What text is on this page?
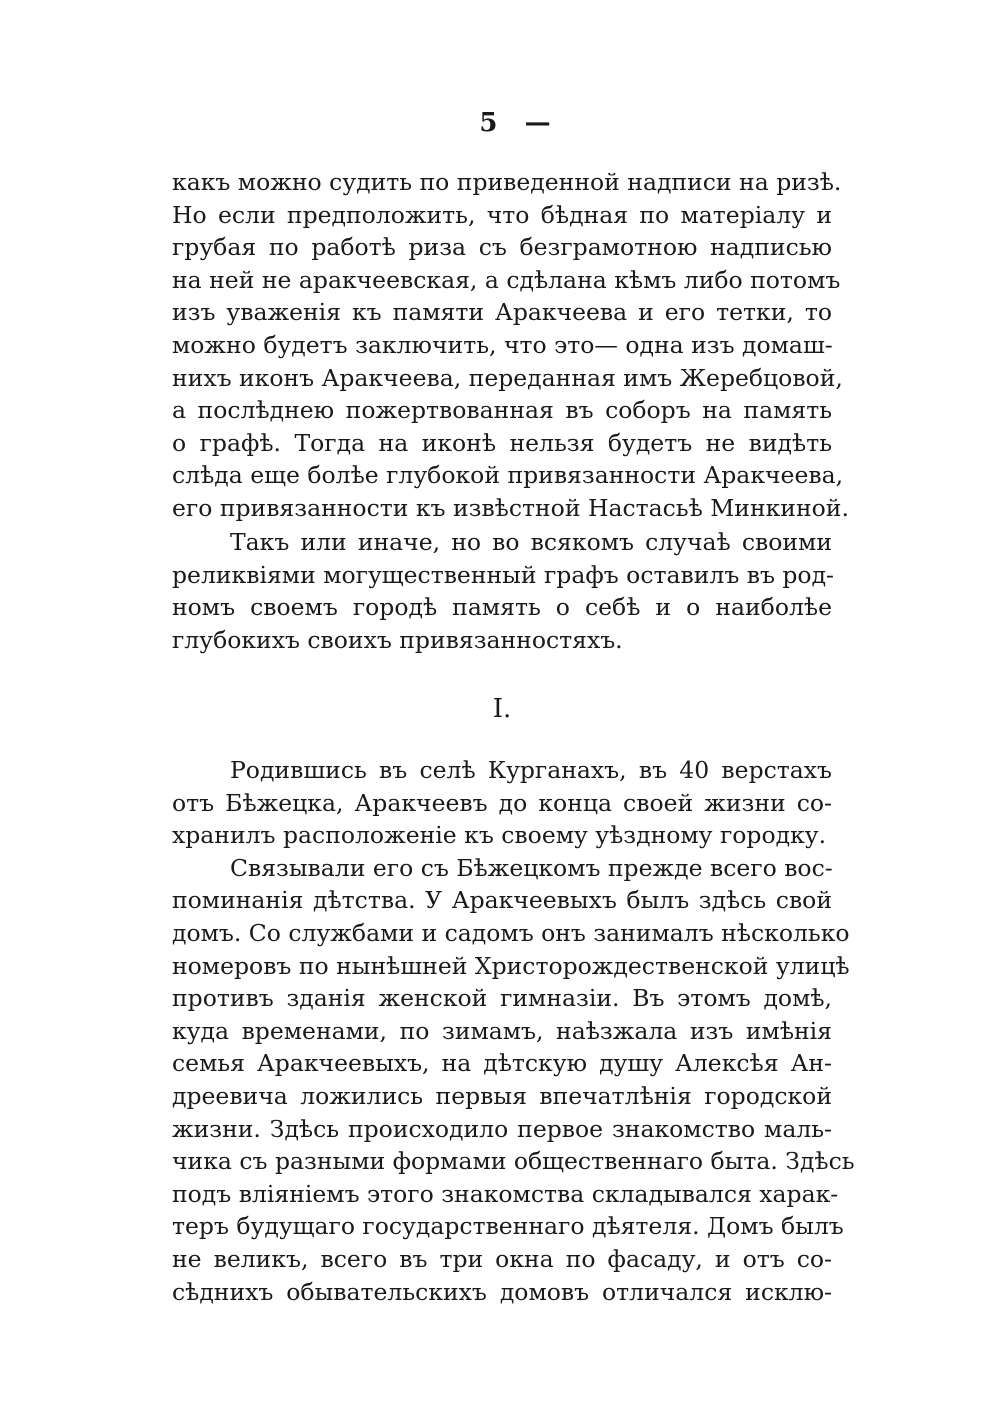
5 —
какъ можно судить по приведенной надписи на ризѣ.
Но если предположить, что бѣдная по матеріалу и
грубая по работѣ риза съ безграмотною надписью
на ней не аракчеевская, а сдѣлана кѣмъ либо потомъ
изъ уваженія къ памяти Аракчеева и его тетки, то
можно будетъ заключить, что это— одна изъ домаш-
нихъ иконъ Аракчеева, переданная имъ Жеребцовой,
а послѣднею пожертвованная въ соборъ на память
о графѣ. Тогда на иконѣ нельзя будетъ не видѣть
слѣда еще болѣе глубокой привязанности Аракчеева,
его привязанности къ извѣстной Настасьѣ Минкиной.
Такъ или иначе, но во всякомъ случаѣ своими
реликвіями могущественный графъ оставилъ въ род-
номъ своемъ городѣ память о себѣ и о наиболѣе
глубокихъ своихъ привязанностяхъ.
I.
Родившись въ селѣ Курганахъ, въ 40 верстахъ
отъ Бѣжецка, Аракчеевъ до конца своей жизни со-
хранилъ расположеніе къ своему уѣздному городку.
Связывали его съ Бѣжецкомъ прежде всего вос-
поминанія дѣтства. У Аракчеевыхъ былъ здѣсь свой
домъ. Со службами и садомъ онъ занималъ нѣсколько
номеровъ по нынѣшней Христорождественской улицѣ
противъ зданія женской гимназіи. Въ этомъ домѣ,
куда временами, по зимамъ, наѣзжала изъ имѣнія
семья Аракчеевыхъ, на дѣтскую душу Алексѣя Ан-
дреевича ложились первыя впечатлѣнія городской
жизни. Здѣсь происходило первое знакомство маль-
чика съ разными формами общественнаго быта. Здѣсь
подъ вліяніемъ этого знакомства складывался харак-
теръ будущаго государственнаго дѣятеля. Домъ былъ
не великъ, всего въ три окна по фасаду, и отъ со-
сѣднихъ обывательскихъ домовъ отличался исклю-
